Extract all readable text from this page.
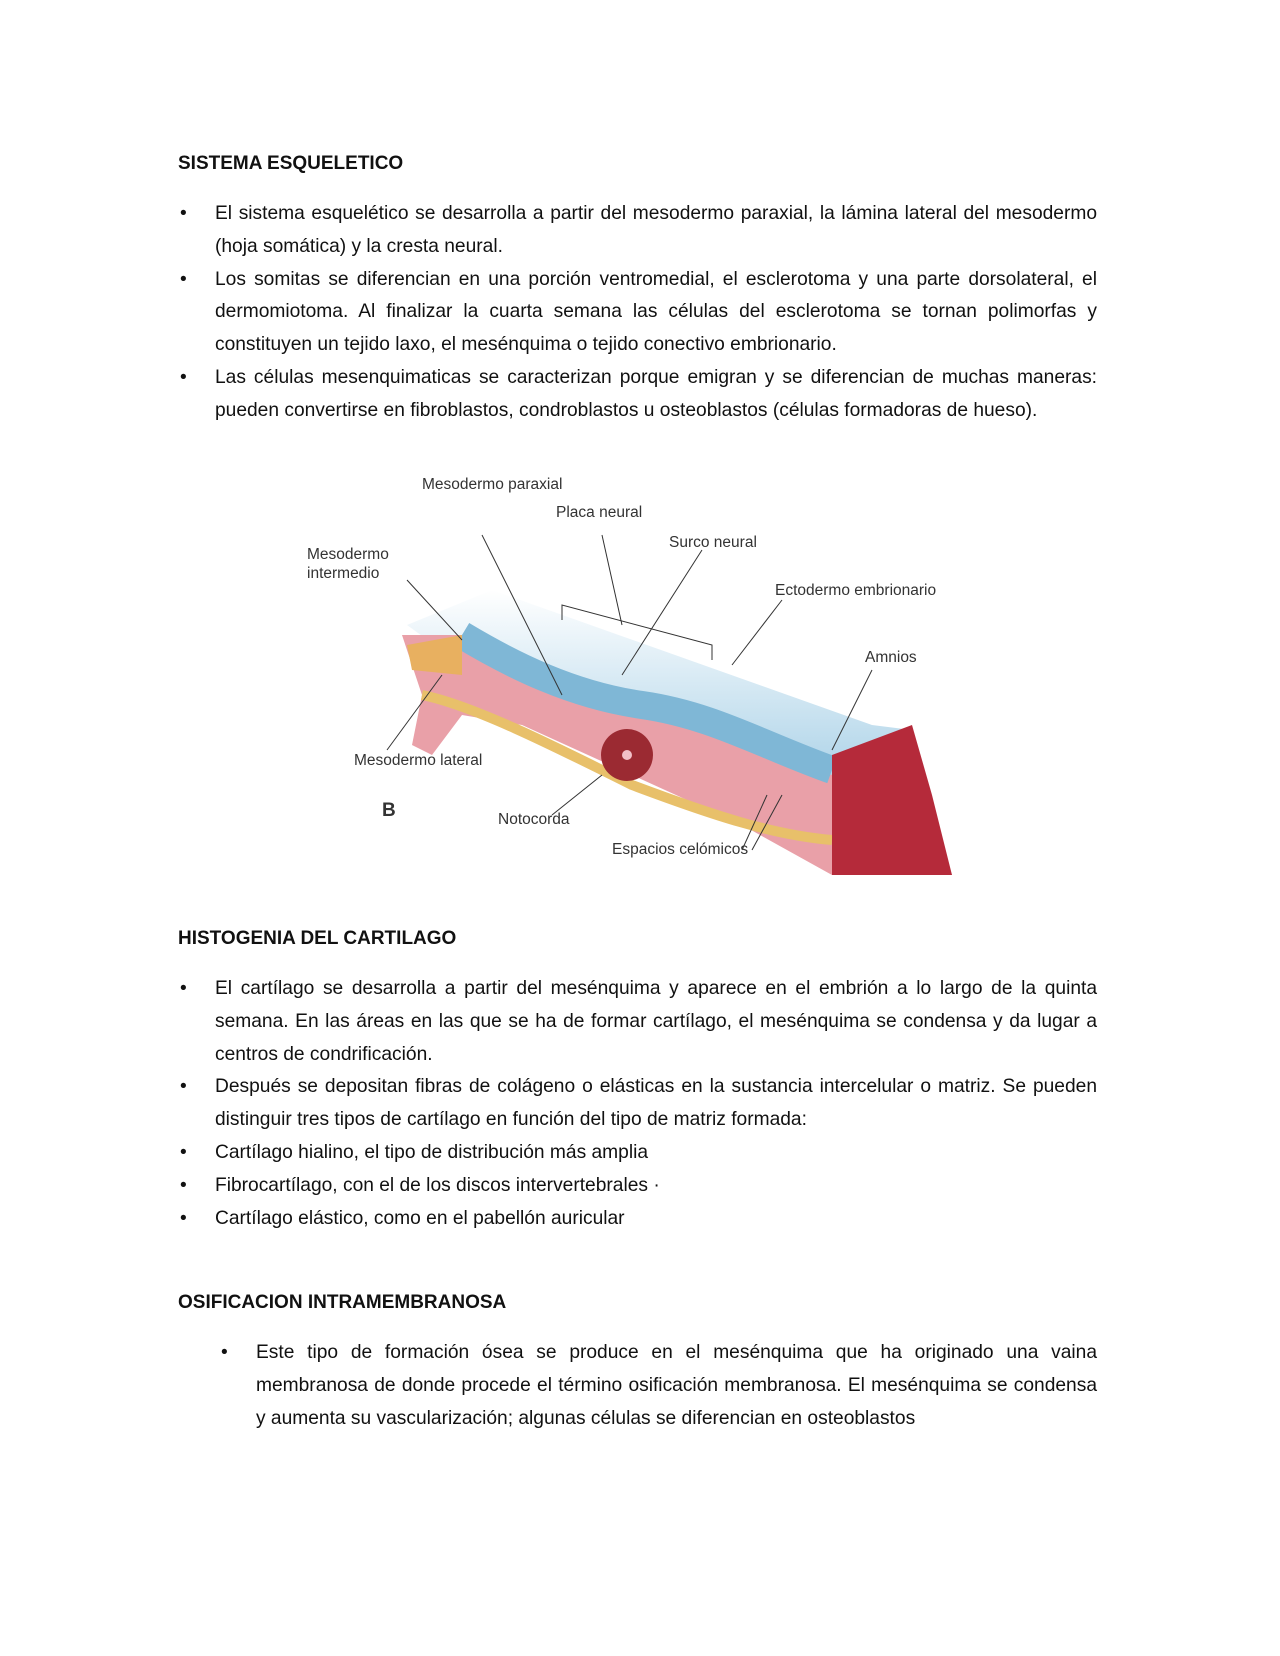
SISTEMA ESQUELETICO
• El sistema esquelético se desarrolla a partir del mesodermo paraxial, la lámina lateral del mesodermo (hoja somática) y la cresta neural.
• Los somitas se diferencian en una porción ventromedial, el esclerotoma y una parte dorsolateral, el dermomiotoma. Al finalizar la cuarta semana las células del esclerotoma se tornan polimorfas y constituyen un tejido laxo, el mesénquima o tejido conectivo embrionario.
• Las células mesenquimaticas se caracterizan porque emigran y se diferencian de muchas maneras: pueden convertirse en fibroblastos, condroblastos u osteoblastos (células formadoras de hueso).
Mesodermo paraxial
Placa neural
Surco neural
Mesodermo intermedio
Ectodermo embrionario
Amnios
Mesodermo lateral
B	Notocorda
Espacios celómicos
HISTOGENIA DEL CARTILAGO
• El cartílago se desarrolla a partir del mesénquima y aparece en el embrión a lo largo de la quinta semana. En las áreas en las que se ha de formar cartílago, el mesénquima se condensa y da lugar a centros de condrificación.
• Después se depositan fibras de colágeno o elásticas en la sustancia intercelular o matriz. Se pueden distinguir tres tipos de cartílago en función del tipo de matriz formada:
• Cartílago hialino, el tipo de distribución más amplia
• Fibrocartílago, con el de los discos intervertebrales ·
• Cartílago elástico, como en el pabellón auricular
OSIFICACION INTRAMEMBRANOSA
• Este tipo de formación ósea se produce en el mesénquima que ha originado una vaina membranosa de donde procede el término osificación membranosa. El mesénquima se condensa y aumenta su vascularización; algunas células se diferencian en osteoblastos
